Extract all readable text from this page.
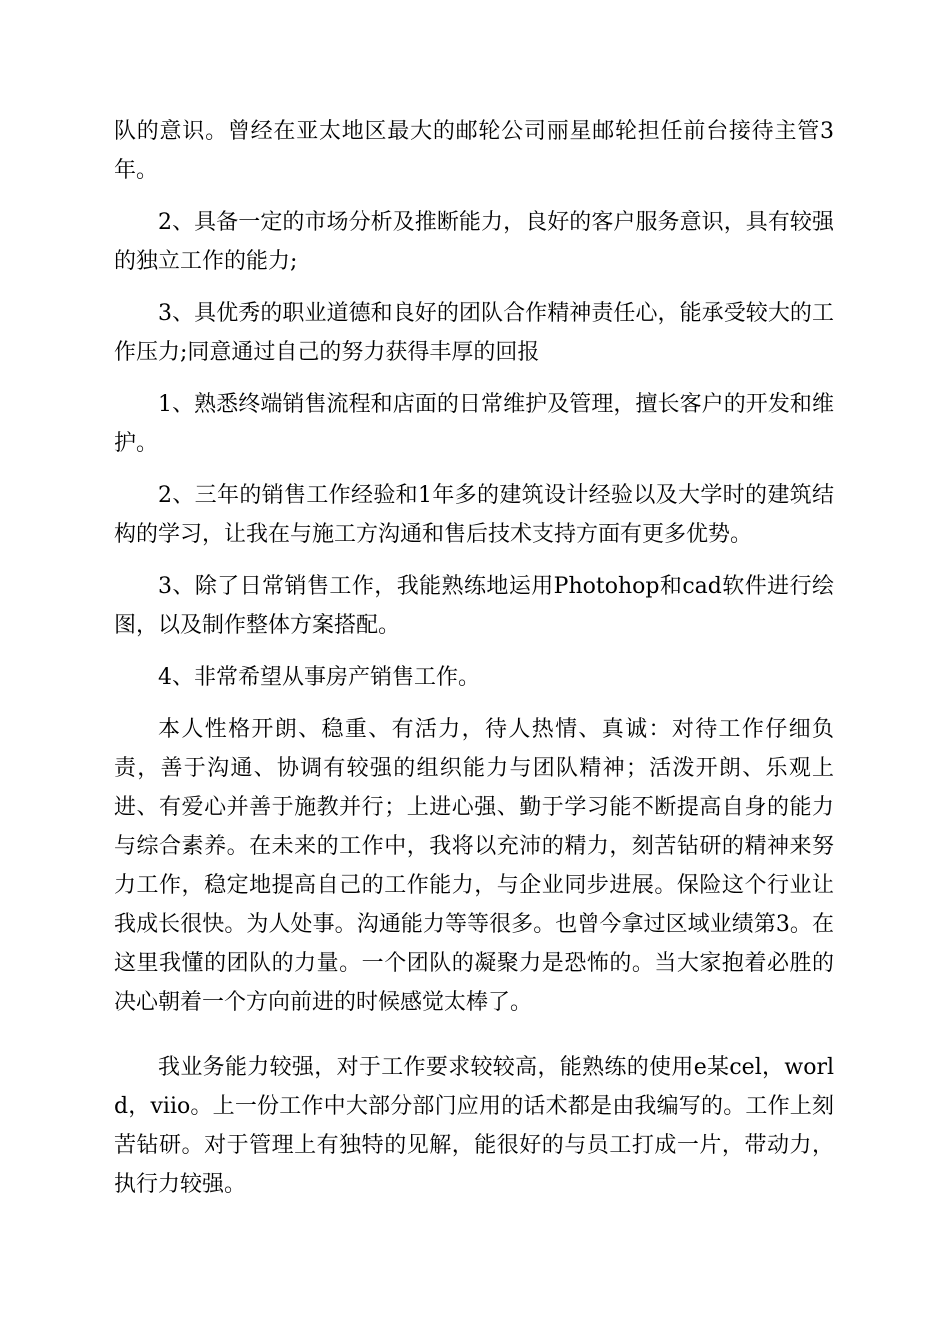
队的意识。曾经在亚太地区最大的邮轮公司丽星邮轮担任前台接待主管3年。

2、具备一定的市场分析及推断能力，良好的客户服务意识，具有较强的独立工作的能力;

3、具优秀的职业道德和良好的团队合作精神责任心，能承受较大的工作压力;同意通过自己的努力获得丰厚的回报

1、熟悉终端销售流程和店面的日常维护及管理，擅长客户的开发和维护。

2、三年的销售工作经验和1年多的建筑设计经验以及大学时的建筑结构的学习，让我在与施工方沟通和售后技术支持方面有更多优势。

3、除了日常销售工作，我能熟练地运用Photohop和cad软件进行绘图，以及制作整体方案搭配。

4、非常希望从事房产销售工作。

本人性格开朗、稳重、有活力，待人热情、真诚：对待工作仔细负责，善于沟通、协调有较强的组织能力与团队精神；活泼开朗、乐观上进、有爱心并善于施教并行；上进心强、勤于学习能不断提高自身的能力与综合素养。在未来的工作中，我将以充沛的精力，刻苦钻研的精神来努力工作，稳定地提高自己的工作能力，与企业同步进展。保险这个行业让我成长很快。为人处事。沟通能力等等很多。也曾今拿过区域业绩第3。在这里我懂的团队的力量。一个团队的凝聚力是恐怖的。当大家抱着必胜的决心朝着一个方向前进的时候感觉太棒了。

我业务能力较强，对于工作要求较较高，能熟练的使用e某cel，world，viio。上一份工作中大部分部门应用的话术都是由我编写的。工作上刻苦钻研。对于管理上有独特的见解，能很好的与员工打成一片，带动力，执行力较强。
